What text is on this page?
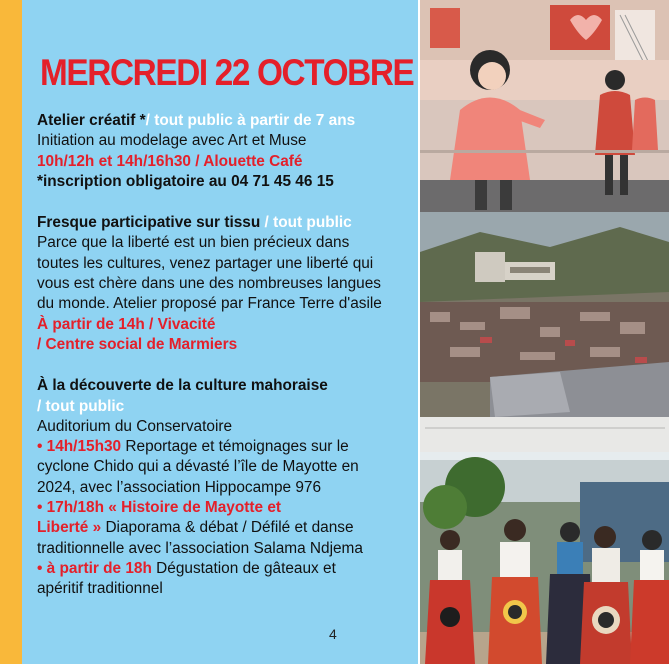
MERCREDI 22 OCTOBRE
Atelier créatif */ tout public à partir de 7 ans
Initiation au modelage avec Art et Muse
10h/12h et 14h/16h30 / Alouette Café
*inscription obligatoire au 04 71 45 46 15
Fresque participative sur tissu / tout public
Parce que la liberté est un bien précieux dans
toutes les cultures, venez partager une liberté qui
vous est chère dans une des nombreuses langues
du monde. Atelier proposé par France Terre d'asile
À partir de 14h / Vivacité
/ Centre social de Marmiers
À la découverte de la culture mahoraise
/ tout public
Auditorium du Conservatoire
• 14h/15h30 Reportage et témoignages sur le
cyclone Chido qui a dévasté l’île de Mayotte en
2024, avec l’association Hippocampe 976
• 17h/18h « Histoire de Mayotte et
Liberté » Diaporama & débat / Défilé et danse
traditionnelle avec l’association Salama Ndjema
• à partir de 18h Dégustation de gâteaux et
apéritif traditionnel
4
